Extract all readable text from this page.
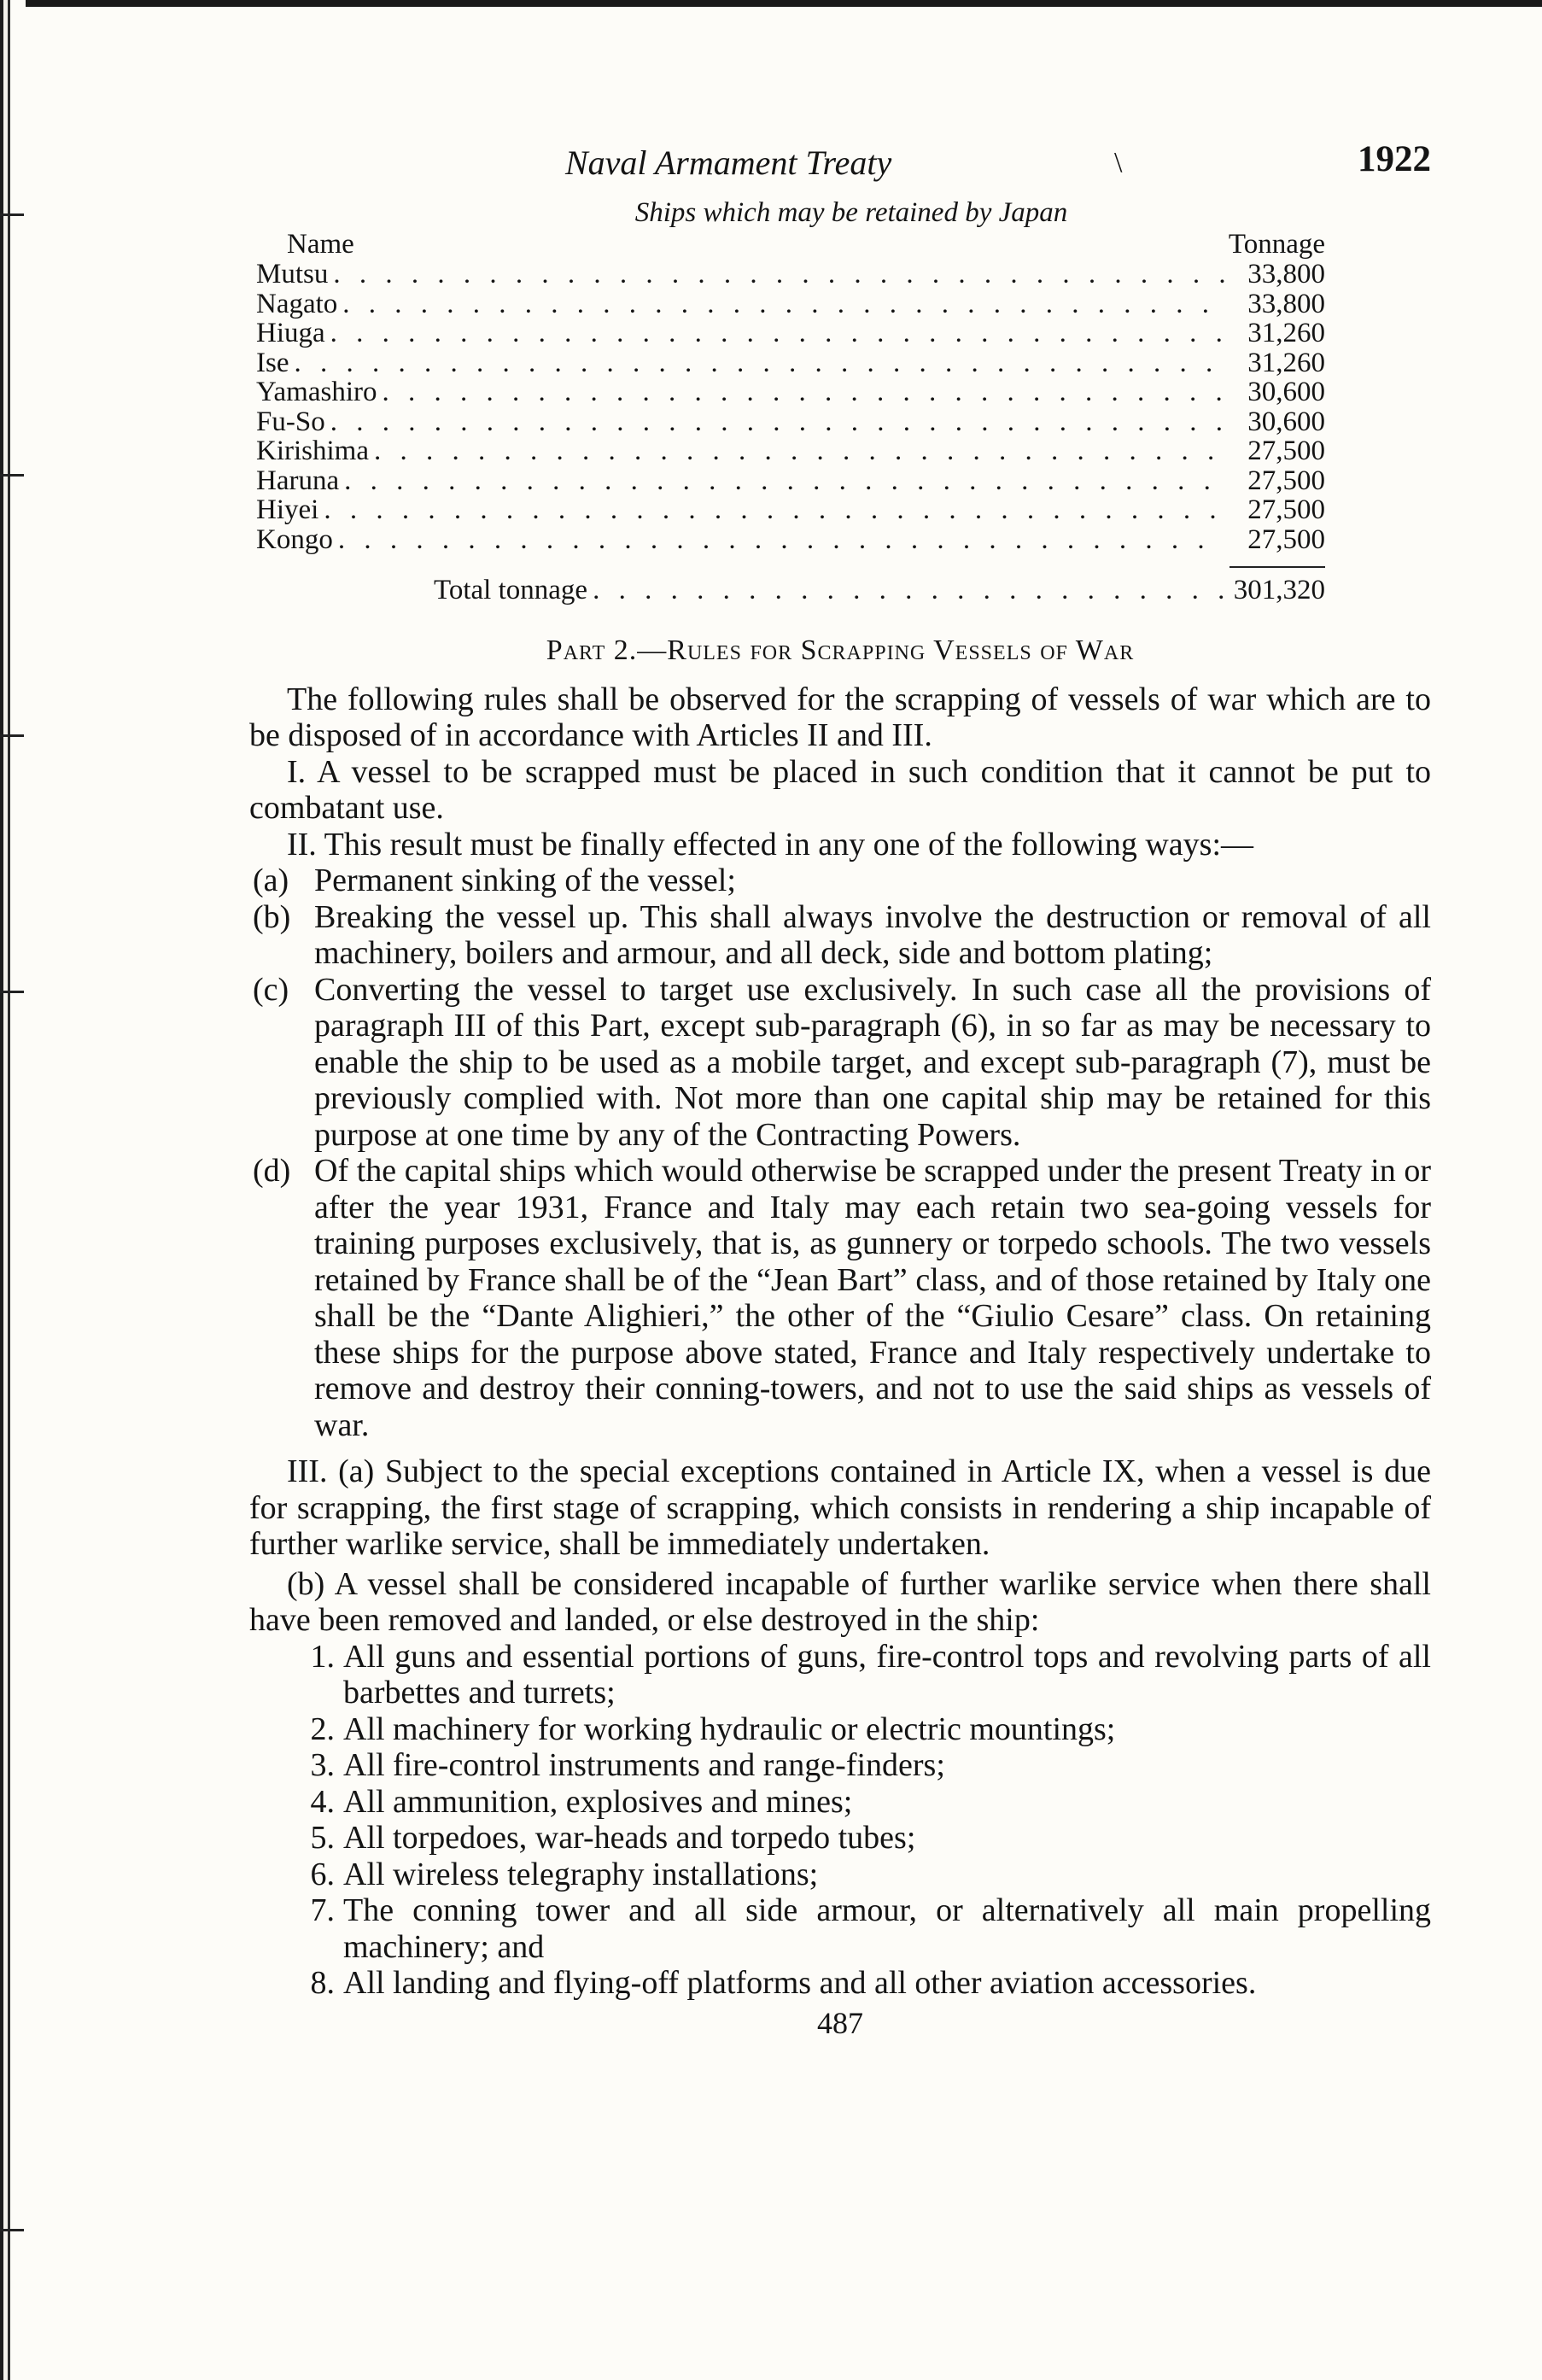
Naval Armament Treaty	\	1922
Ships which may be retained by Japan
Name	Tonnage
Mutsu . . .	33,800
Nagato . . .	33,800
Hiuga . . .	31,260
Ise . . .	31,260
Yamashiro . . .	30,600
Fu-So . . .	30,600
Kirishima . . .	27,500
Haruna . . .	27,500
Hiyei . . .	27,500
Kongo . . .	27,500
Total tonnage . . .	301,320
Part 2.—Rules for Scrapping Vessels of War

The following rules shall be observed for the scrapping of vessels of war which are to be disposed of in accordance with Articles II and III.

I. A vessel to be scrapped must be placed in such condition that it cannot be put to combatant use.

II. This result must be finally effected in any one of the following ways:—

(a) Permanent sinking of the vessel;
(b) Breaking the vessel up. This shall always involve the destruction or removal of all machinery, boilers and armour, and all deck, side and bottom plating;
(c) Converting the vessel to target use exclusively. In such case all the provisions of paragraph III of this Part, except sub-paragraph (6), in so far as may be necessary to enable the ship to be used as a mobile target, and except sub-paragraph (7), must be previously complied with. Not more than one capital ship may be retained for this purpose at one time by any of the Contracting Powers.
(d) Of the capital ships which would otherwise be scrapped under the present Treaty in or after the year 1931, France and Italy may each retain two sea-going vessels for training purposes exclusively, that is, as gunnery or torpedo schools. The two vessels retained by France shall be of the “Jean Bart” class, and of those retained by Italy one shall be the “Dante Alighieri,” the other of the “Giulio Cesare” class. On retaining these ships for the purpose above stated, France and Italy respectively undertake to remove and destroy their conning-towers, and not to use the said ships as vessels of war.

III. (a) Subject to the special exceptions contained in Article IX, when a vessel is due for scrapping, the first stage of scrapping, which consists in rendering a ship incapable of further warlike service, shall be immediately undertaken.

(b) A vessel shall be considered incapable of further warlike service when there shall have been removed and landed, or else destroyed in the ship:

1. All guns and essential portions of guns, fire-control tops and revolving parts of all barbettes and turrets;
2. All machinery for working hydraulic or electric mountings;
3. All fire-control instruments and range-finders;
4. All ammunition, explosives and mines;
5. All torpedoes, war-heads and torpedo tubes;
6. All wireless telegraphy installations;
7. The conning tower and all side armour, or alternatively all main propelling machinery; and
8. All landing and flying-off platforms and all other aviation accessories.
487
